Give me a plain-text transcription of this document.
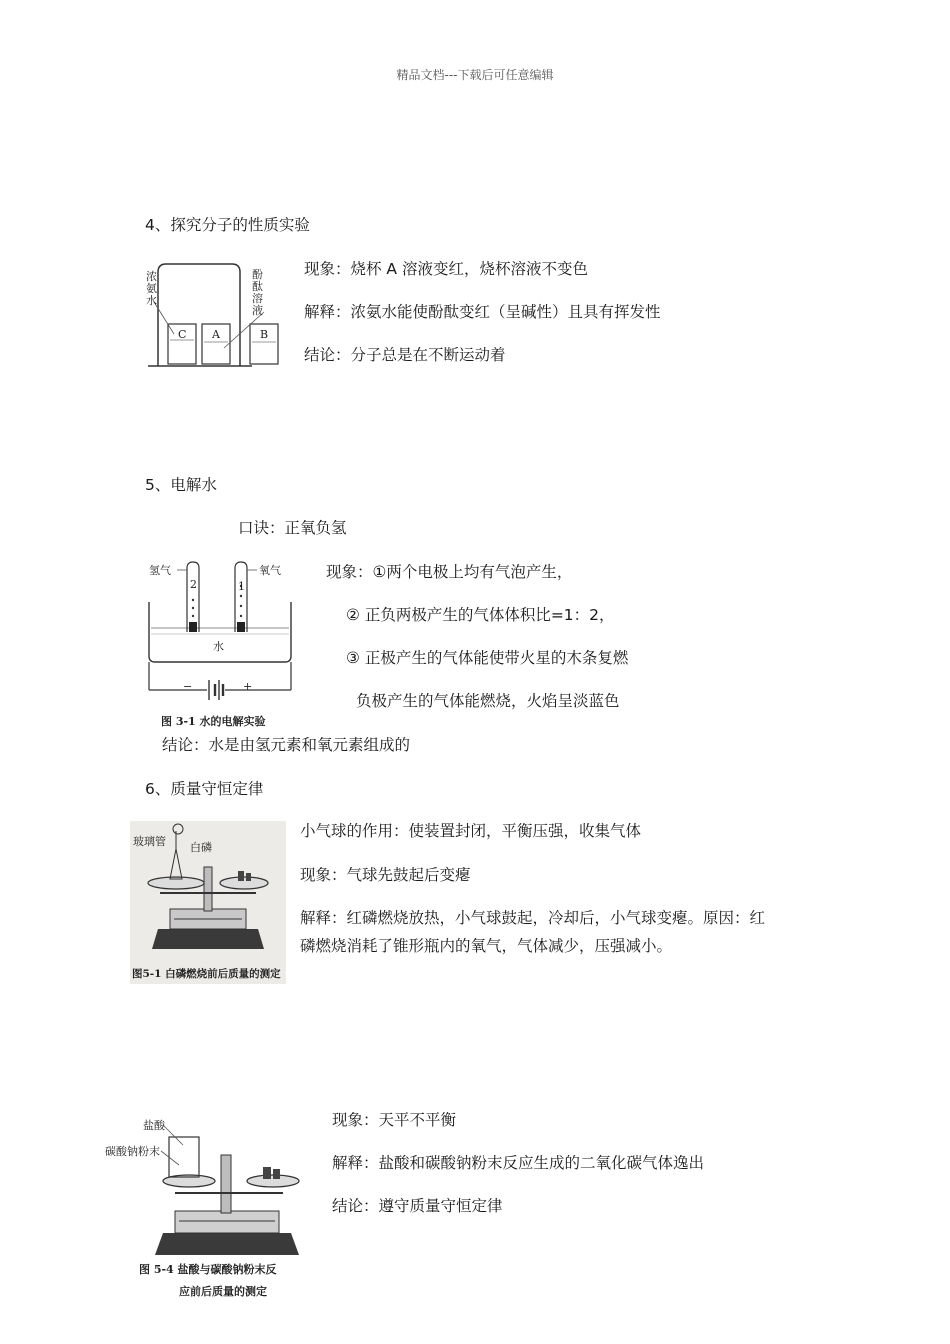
精品文档---下载后可任意编辑
4、探究分子的性质实验
浓
氨
水
酚
酞
溶
液
C A	B
现象：烧杯 A 溶液变红，烧杯溶液不变色
解释：浓氨水能使酚酞变红（呈碱性）且具有挥发性
结论：分子总是在不断运动着
5、电解水
口诀：正氧负氢
氢气	氧气
2	1
水
−	+
图 3-1 水的电解实验
现象：①两个电极上均有气泡产生，
② 正负两极产生的气体体积比=1：2，
③ 正极产生的气体能使带火星的木条复燃
负极产生的气体能燃烧，火焰呈淡蓝色
结论：水是由氢元素和氧元素组成的
6、质量守恒定律
玻璃管 白磷
图5-1 白磷燃烧前后质量的测定
小气球的作用：使装置封闭，平衡压强，收集气体
现象：气球先鼓起后变瘪
解释：红磷燃烧放热，小气球鼓起，冷却后，小气球变瘪。原因：红
磷燃烧消耗了锥形瓶内的氧气，气体减少，压强减小。
盐酸
碳酸钠粉末
图 5-4 盐酸与碳酸钠粉末反
应前后质量的测定
现象：天平不平衡
解释：盐酸和碳酸钠粉末反应生成的二氧化碳气体逸出
结论：遵守质量守恒定律
